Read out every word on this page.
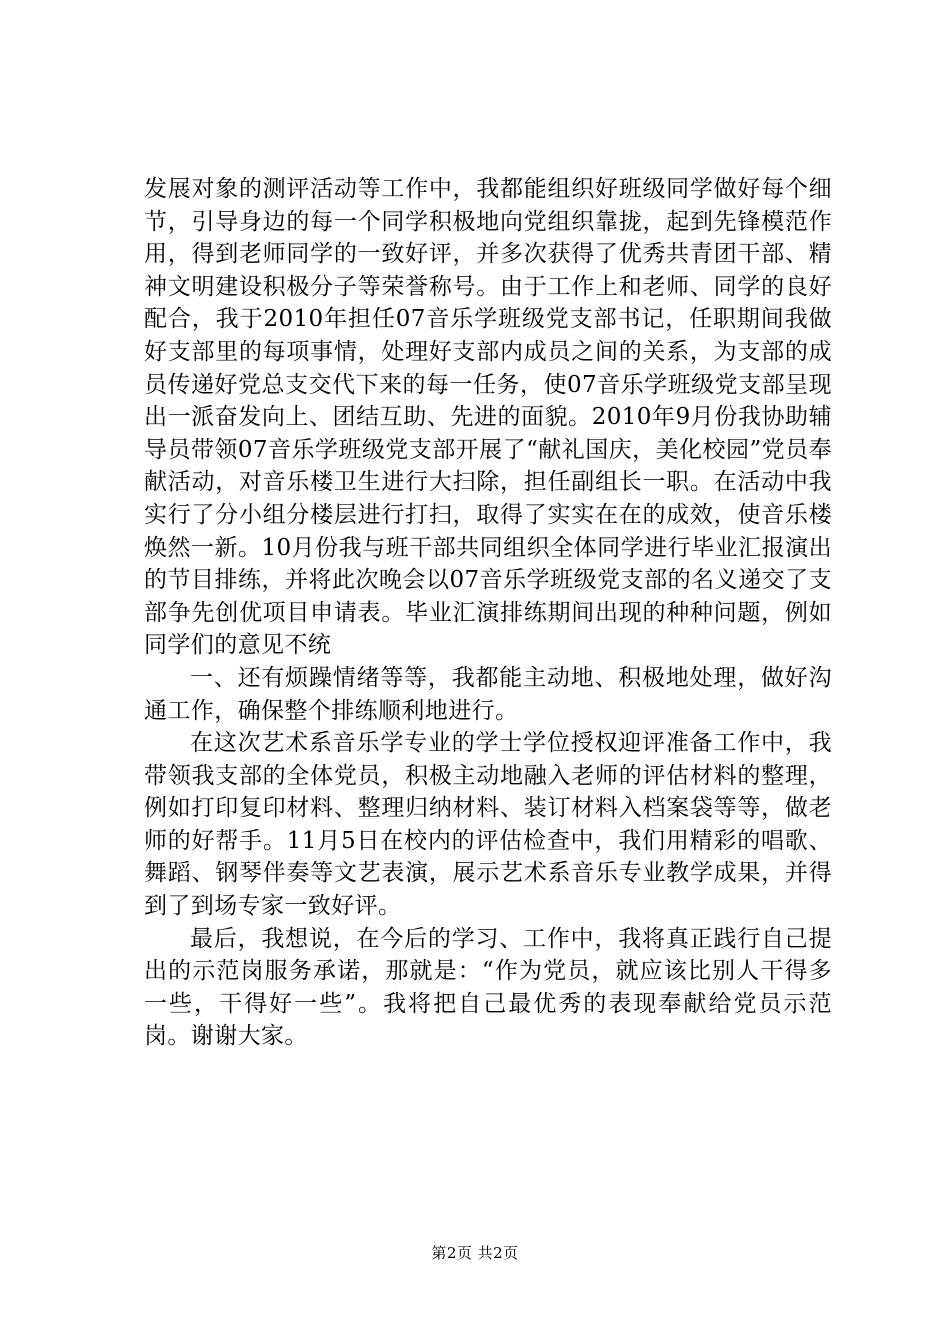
发展对象的测评活动等工作中，我都能组织好班级同学做好每个细节，引导身边的每一个同学积极地向党组织靠拢，起到先锋模范作用，得到老师同学的一致好评，并多次获得了优秀共青团干部、精神文明建设积极分子等荣誉称号。由于工作上和老师、同学的良好配合，我于2010年担任07音乐学班级党支部书记，任职期间我做好支部里的每项事情，处理好支部内成员之间的关系，为支部的成员传递好党总支交代下来的每一任务，使07音乐学班级党支部呈现出一派奋发向上、团结互助、先进的面貌。2010年9月份我协助辅导员带领07音乐学班级党支部开展了“献礼国庆，美化校园”党员奉献活动，对音乐楼卫生进行大扫除，担任副组长一职。在活动中我实行了分小组分楼层进行打扫，取得了实实在在的成效，使音乐楼焕然一新。10月份我与班干部共同组织全体同学进行毕业汇报演出的节目排练，并将此次晚会以07音乐学班级党支部的名义递交了支部争先创优项目申请表。毕业汇演排练期间出现的种种问题，例如同学们的意见不统

一、还有烦躁情绪等等，我都能主动地、积极地处理，做好沟通工作，确保整个排练顺利地进行。

在这次艺术系音乐学专业的学士学位授权迎评准备工作中，我带领我支部的全体党员，积极主动地融入老师的评估材料的整理，例如打印复印材料、整理归纳材料、装订材料入档案袋等等，做老师的好帮手。11月5日在校内的评估检查中，我们用精彩的唱歌、舞蹈、钢琴伴奏等文艺表演，展示艺术系音乐专业教学成果，并得到了到场专家一致好评。

最后，我想说，在今后的学习、工作中，我将真正践行自己提出的示范岗服务承诺，那就是：“作为党员，就应该比别人干得多一些，干得好一些”。我将把自己最优秀的表现奉献给党员示范岗。谢谢大家。

第2页 共2页
